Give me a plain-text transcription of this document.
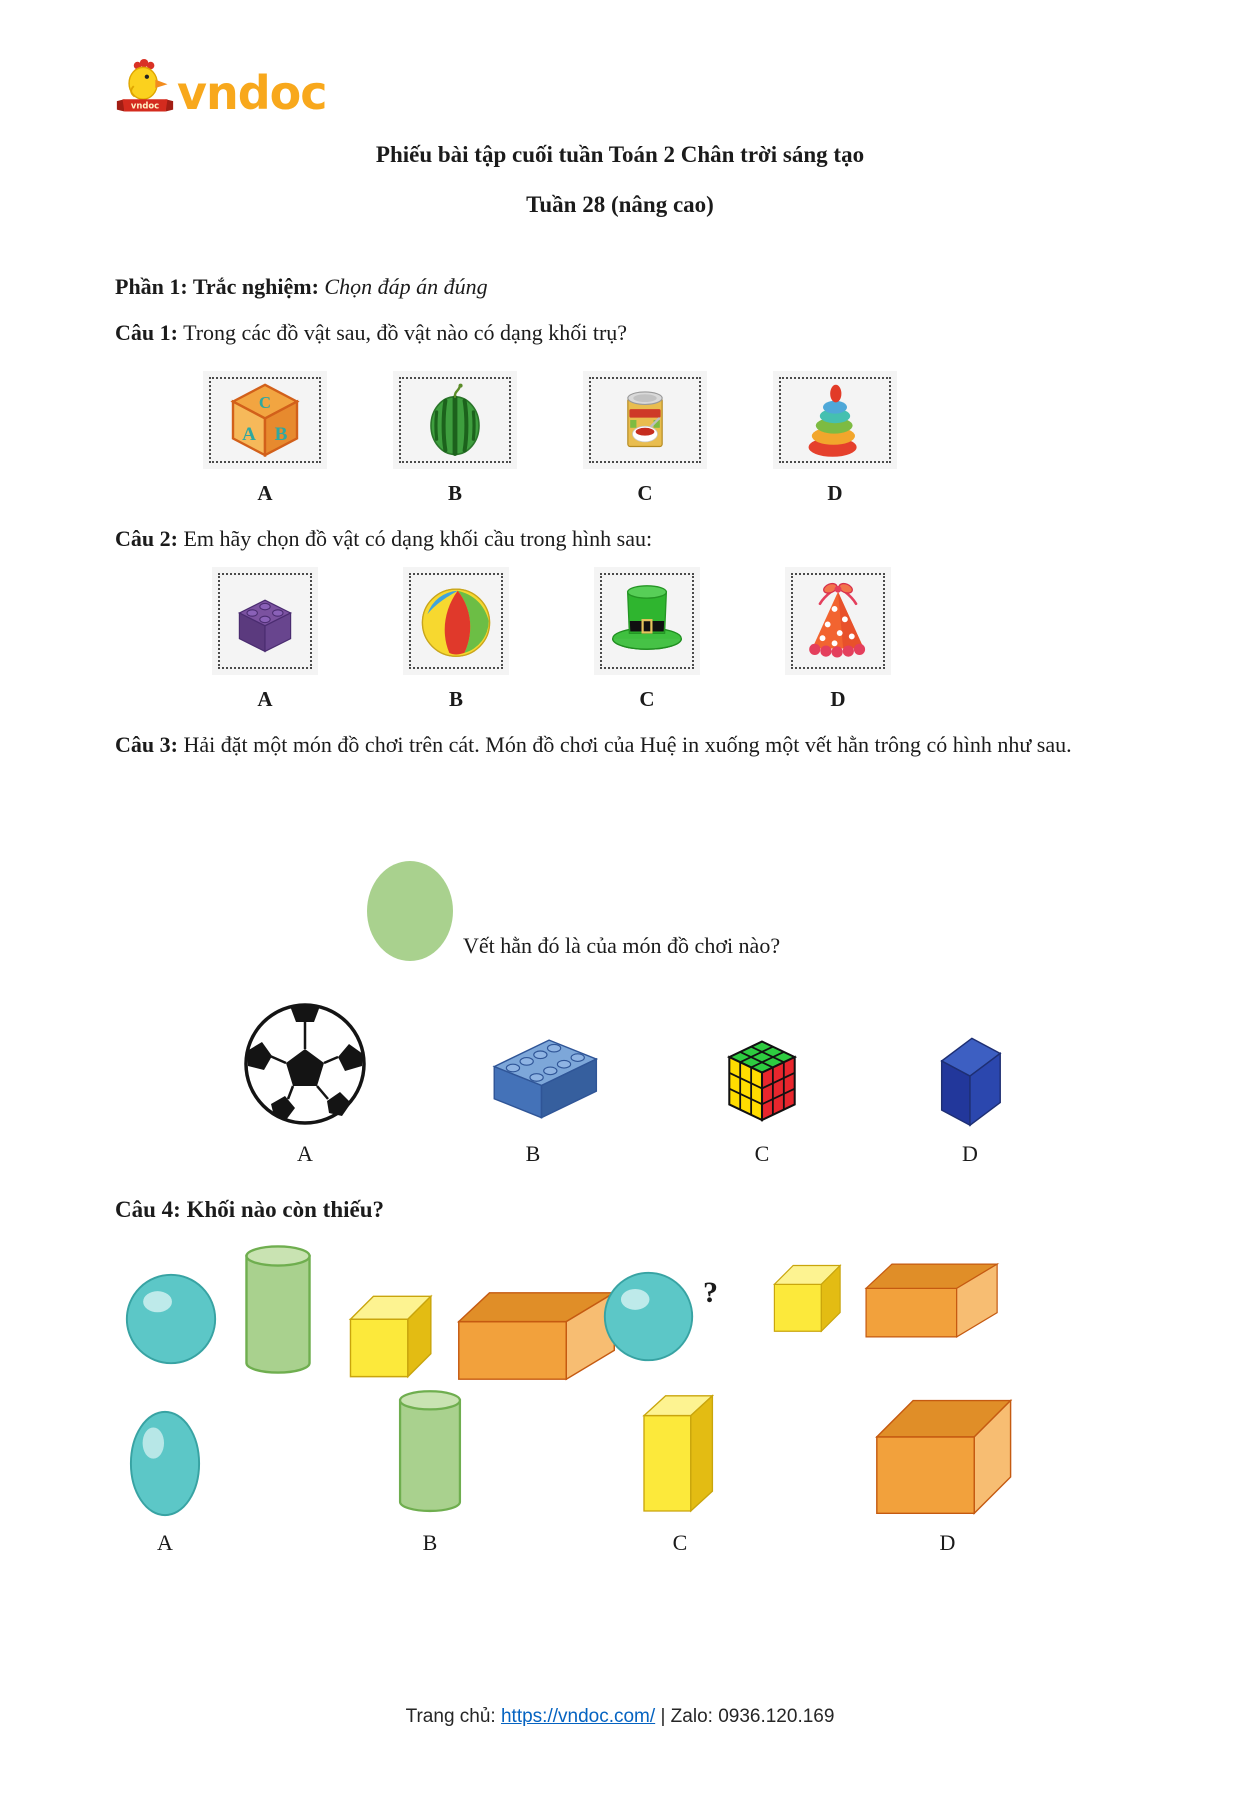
vndoc vndoc
Phiếu bài tập cuối tuần Toán 2 Chân trời sáng tạo
Tuần 28 (nâng cao)
Phần 1: Trắc nghiệm: Chọn đáp án đúng
Câu 1: Trong các đồ vật sau, đồ vật nào có dạng khối trụ?
C
A B
A	B	C	D
Câu 2: Em hãy chọn đồ vật có dạng khối cầu trong hình sau:
A	B	C	D
Câu 3: Hải đặt một món đồ chơi trên cát. Món đồ chơi của Huệ in xuống một vết hằn trông có hình như sau.
Vết hằn đó là của món đồ chơi nào?
A	B	C	D
Câu 4: Khối nào còn thiếu?
?
A	B	C	D
Trang chủ: https://vndoc.com/ | Zalo: 0936.120.169
